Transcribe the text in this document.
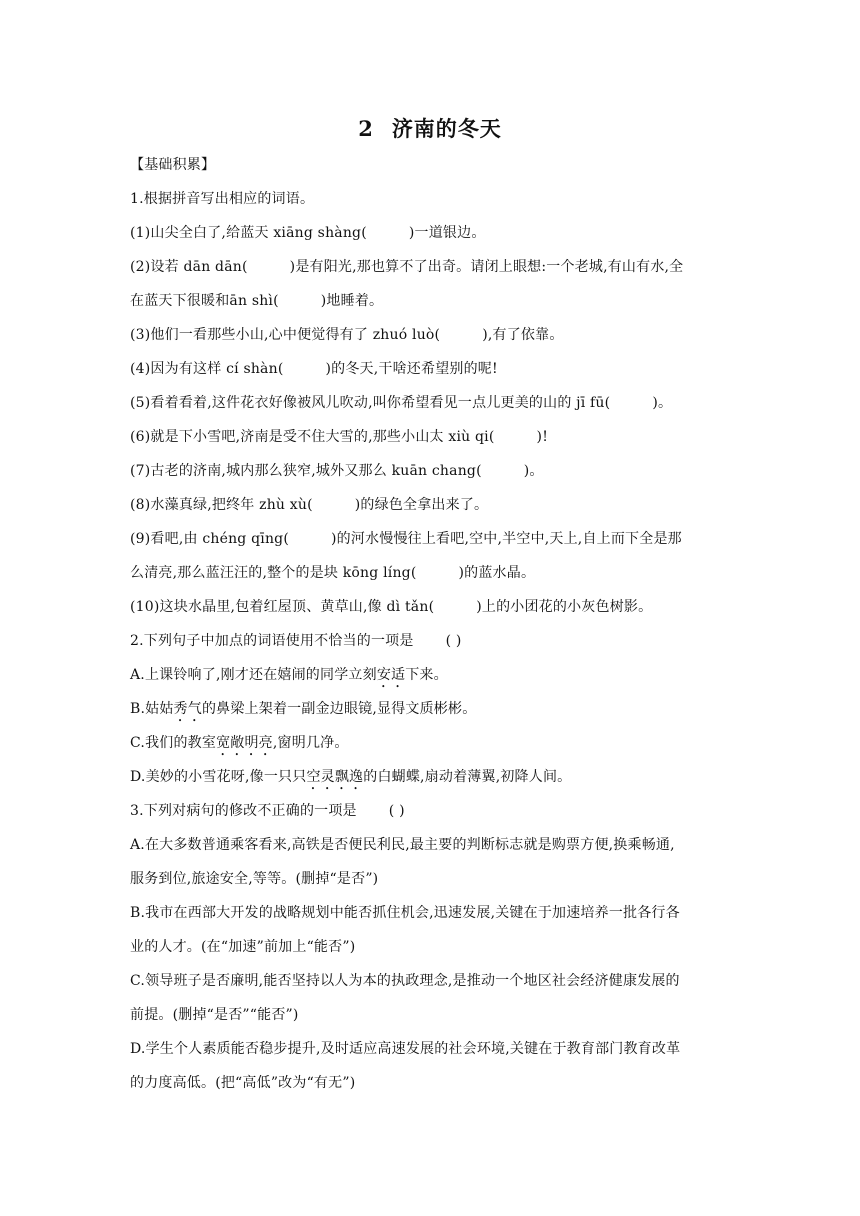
2 济南的冬天
【基础积累】
1.根据拼音写出相应的词语。
(1)山尖全白了,给蓝天 xiāng shàng(	)一道银边。
(2)设若 dān dān(	)是有阳光,那也算不了出奇。请闭上眼想:一个老城,有山有水,全
在蓝天下很暖和ān shì(	)地睡着。
(3)他们一看那些小山,心中便觉得有了 zhuó luò(	),有了依靠。
(4)因为有这样 cí shàn(	)的冬天,干啥还希望别的呢!
(5)看着看着,这件花衣好像被风儿吹动,叫你希望看见一点儿更美的山的 jī fū(	)。
(6)就是下小雪吧,济南是受不住大雪的,那些小山太 xiù qi(	)!
(7)古老的济南,城内那么狭窄,城外又那么 kuān chang(	)。
(8)水藻真绿,把终年 zhù xù(	)的绿色全拿出来了。
(9)看吧,由 chéng qīng(	)的河水慢慢往上看吧,空中,半空中,天上,自上而下全是那
么清亮,那么蓝汪汪的,整个的是块 kōng líng(	)的蓝水晶。
(10)这块水晶里,包着红屋顶、黄草山,像 dì tǎn(	)上的小团花的小灰色树影。
2.下列句子中加点的词语使用不恰当的一项是 ( )
A.上课铃响了,刚才还在嬉闹的同学立刻安适下来。
B.姑姑秀气的鼻梁上架着一副金边眼镜,显得文质彬彬。
C.我们的教室宽敞明亮,窗明几净。
D.美妙的小雪花呀,像一只只空灵飘逸的白蝴蝶,扇动着薄翼,初降人间。
3.下列对病句的修改不正确的一项是 ( )
A.在大多数普通乘客看来,高铁是否便民利民,最主要的判断标志就是购票方便,换乘畅通,
服务到位,旅途安全,等等。(删掉“是否”)
B.我市在西部大开发的战略规划中能否抓住机会,迅速发展,关键在于加速培养一批各行各
业的人才。(在“加速”前加上“能否”)
C.领导班子是否廉明,能否坚持以人为本的执政理念,是推动一个地区社会经济健康发展的
前提。(删掉“是否”“能否”)
D.学生个人素质能否稳步提升,及时适应高速发展的社会环境,关键在于教育部门教育改革
的力度高低。(把“高低”改为“有无”)
